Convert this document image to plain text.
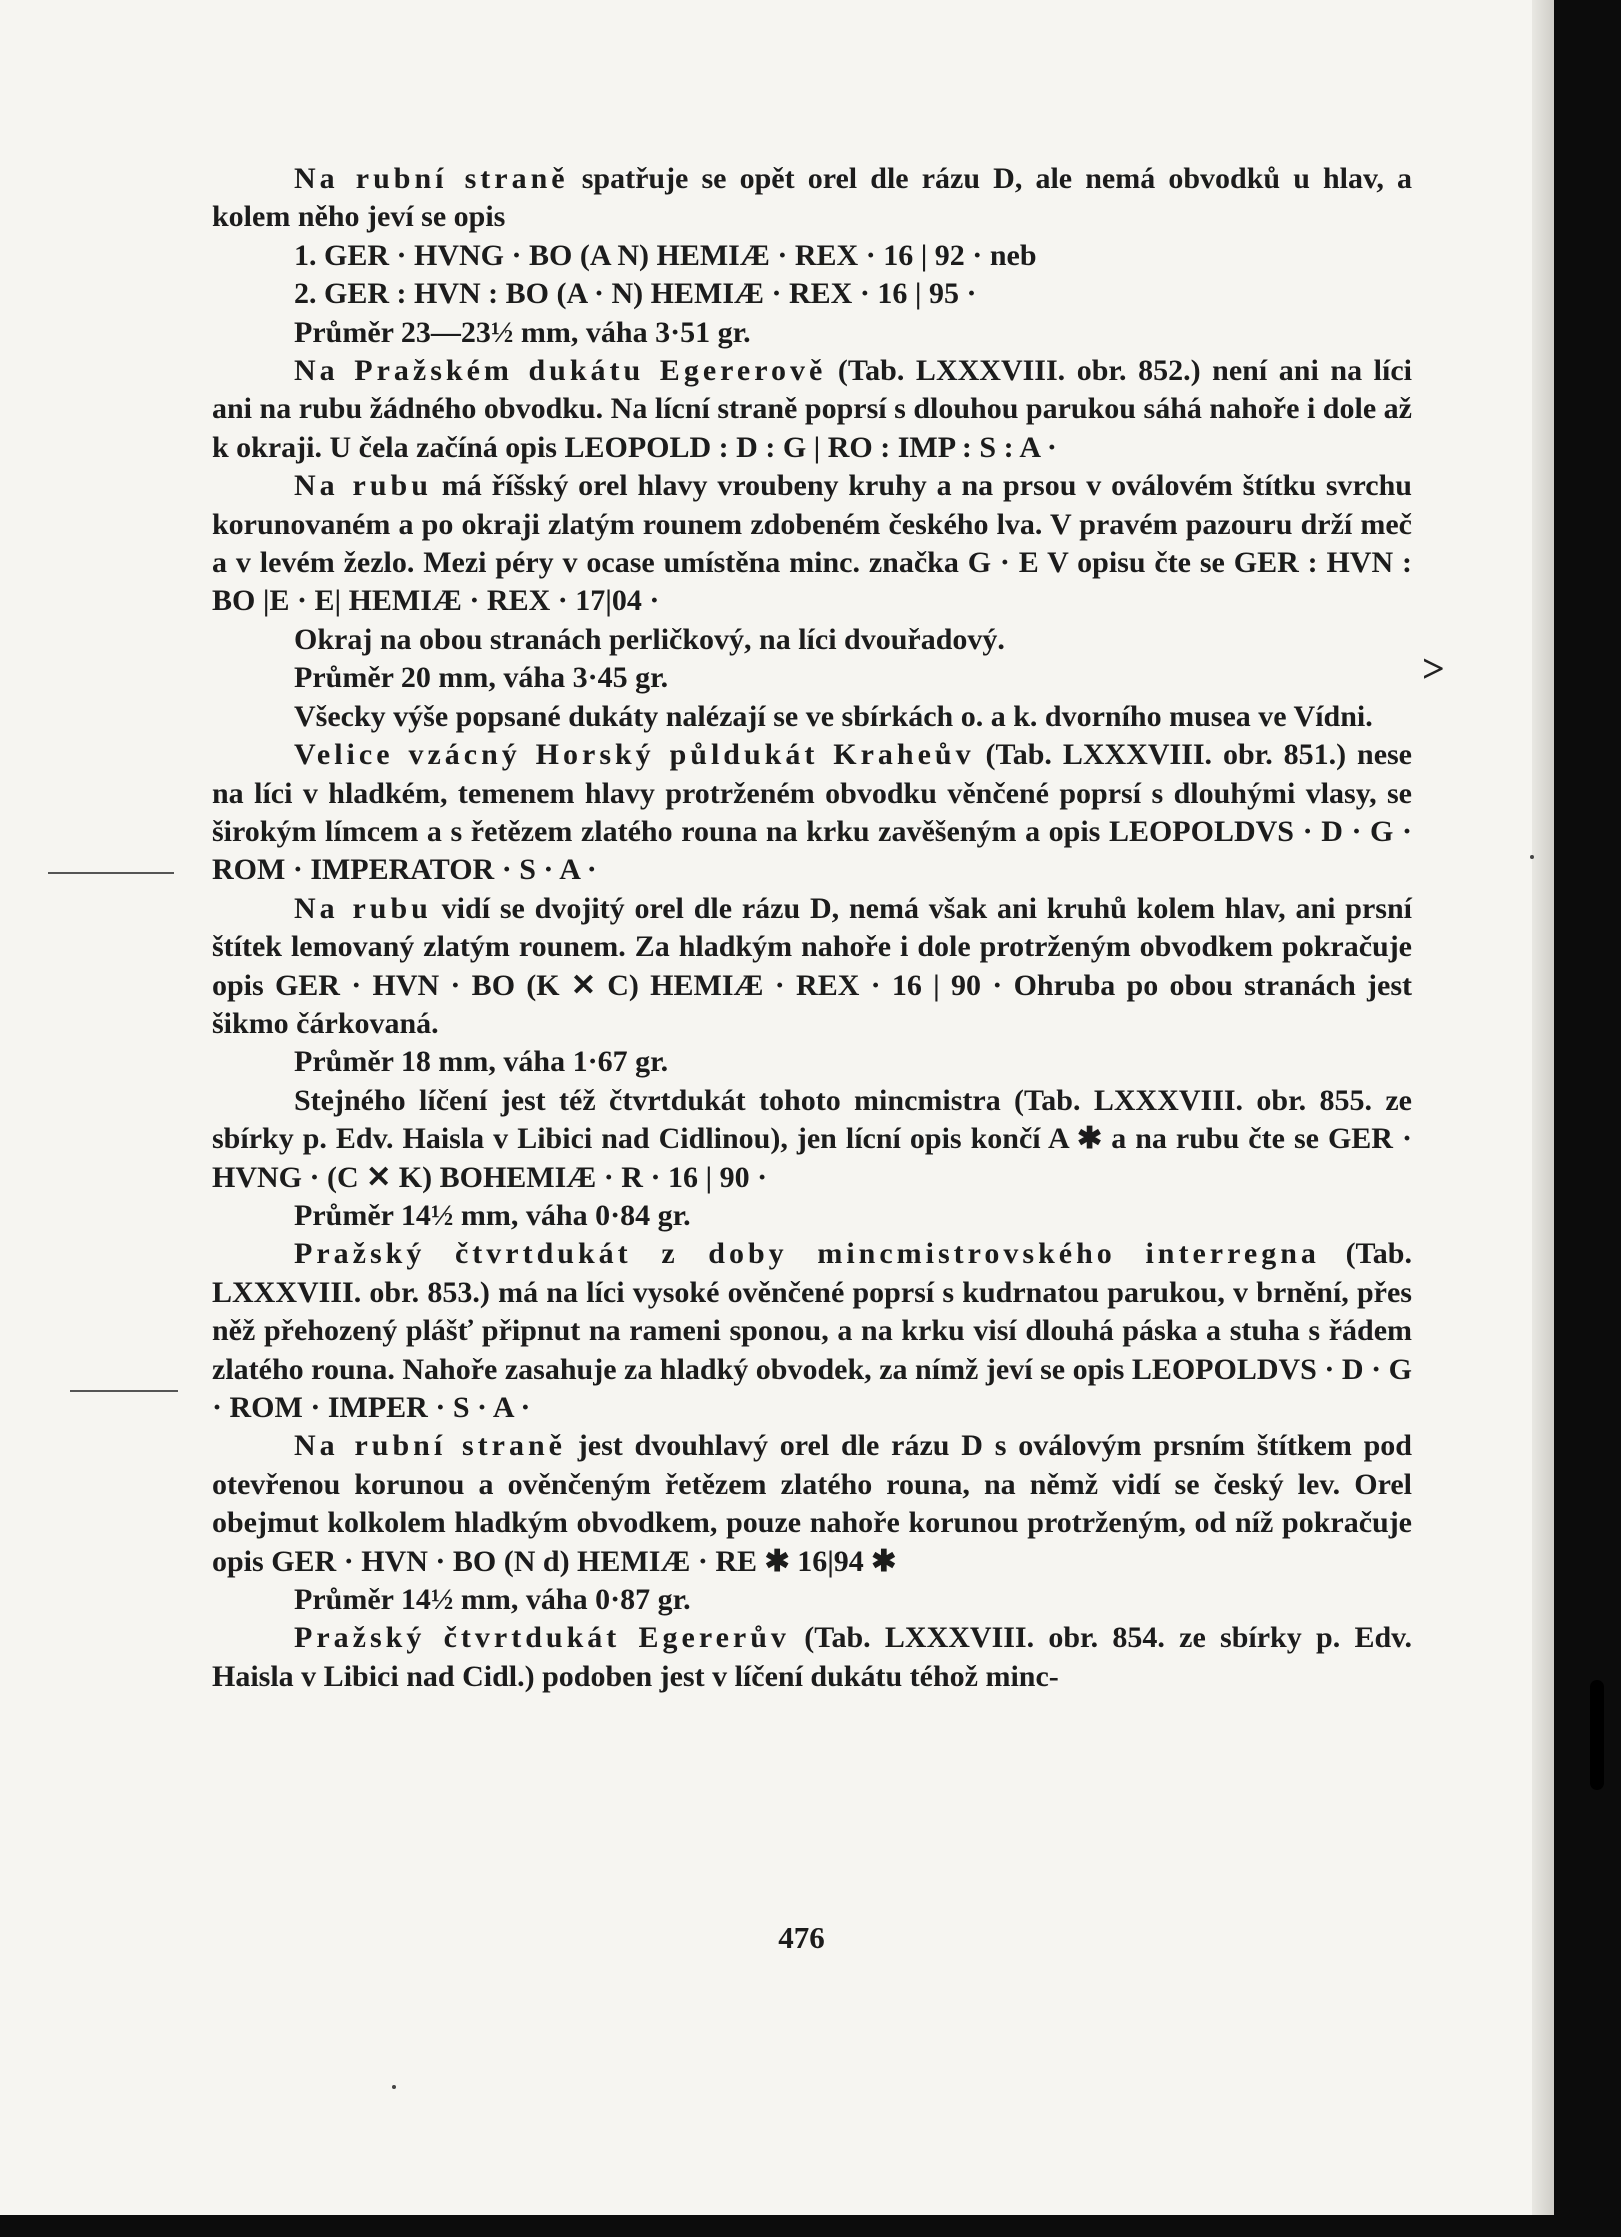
>

Na rubní straně spatřuje se opět orel dle rázu D, ale nemá obvodků u hlav, a kolem něho jeví se opis

1. GER · HVNG · BO (A N) HEMIÆ · REX · 16 | 92 · neb
2. GER : HVN : BO (A · N) HEMIÆ · REX · 16 | 95 ·
Průměr 23—23½ mm, váha 3·51 gr.

Na Pražském dukátu Egererově (Tab. LXXXVIII. obr. 852.) není ani na líci ani na rubu žádného obvodku. Na lícní straně poprsí s dlouhou parukou sáhá nahoře i dole až k okraji. U čela začíná opis LEOPOLD : D : G | RO : IMP : S : A ·

Na rubu má říšský orel hlavy vroubeny kruhy a na prsou v oválovém štítku svrchu korunovaném a po okraji zlatým rounem zdobeném českého lva. V pravém pazouru drží meč a v levém žezlo. Mezi péry v ocase umístěna minc. značka G · E V opisu čte se GER : HVN : BO |E · E| HEMIÆ · REX · 17|04 ·

Okraj na obou stranách perličkový, na líci dvouřadový.
Průměr 20 mm, váha 3·45 gr.

Všecky výše popsané dukáty nalézají se ve sbírkách o. a k. dvorního musea ve Vídni.

Velice vzácný Horský půldukát Kraheův (Tab. LXXXVIII. obr. 851.) nese na líci v hladkém, temenem hlavy protrženém obvodku věnčené poprsí s dlouhými vlasy, se širokým límcem a s řetězem zlatého rouna na krku zavěšeným a opis LEOPOLDVS · D · G · ROM · IMPERATOR · S · A ·

Na rubu vidí se dvojitý orel dle rázu D, nemá však ani kruhů kolem hlav, ani prsní štítek lemovaný zlatým rounem. Za hladkým nahoře i dole protrženým obvodkem pokračuje opis GER · HVN · BO (K ✕ C) HEMIÆ · REX · 16 | 90 · Ohruba po obou stranách jest šikmo čárkovaná.

Průměr 18 mm, váha 1·67 gr.

Stejného líčení jest též čtvrtdukát tohoto mincmistra (Tab. LXXXVIII. obr. 855. ze sbírky p. Edv. Haisla v Libici nad Cidlinou), jen lícní opis končí A ✱ a na rubu čte se GER · HVNG · (C ✕ K) BOHEMIÆ · R · 16 | 90 ·

Průměr 14½ mm, váha 0·84 gr.

Pražský čtvrtdukát z doby mincmistrovského interregna (Tab. LXXXVIII. obr. 853.) má na líci vysoké ověnčené poprsí s kudrnatou parukou, v brnění, přes něž přehozený plášť připnut na rameni sponou, a na krku visí dlouhá páska a stuha s řádem zlatého rouna. Nahoře zasahuje za hladký obvodek, za nímž jeví se opis LEOPOLDVS · D · G · ROM · IMPER · S · A ·

Na rubní straně jest dvouhlavý orel dle rázu D s oválovým prsním štítkem pod otevřenou korunou a ověnčeným řetězem zlatého rouna, na němž vidí se český lev. Orel obejmut kolkolem hladkým obvodkem, pouze nahoře korunou protrženým, od níž pokračuje opis GER · HVN · BO (N d) HEMIÆ · RE ✱ 16|94 ✱

Průměr 14½ mm, váha 0·87 gr.

Pražský čtvrtdukát Egererův (Tab. LXXXVIII. obr. 854. ze sbírky p. Edv. Haisla v Libici nad Cidl.) podoben jest v líčení dukátu téhož minc-

476
